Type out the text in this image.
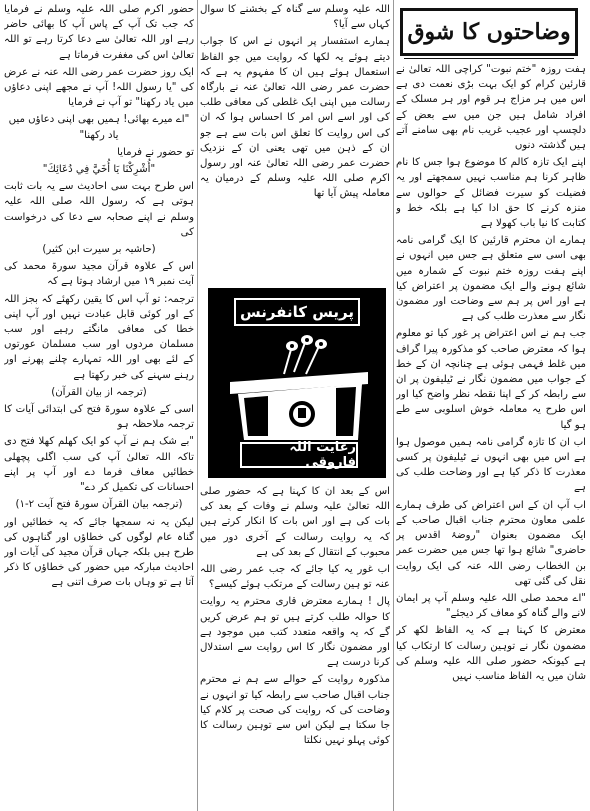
وضاحتوں کا شوق

ہفت روزہ "ختم نبوت" کراچی اللہ تعالیٰ نے قارئین کرام کو ایک بہت بڑی نعمت دی ہے اس میں ہر مزاج ہر قوم اور ہر مسلک کے افراد شامل ہیں جن میں سے بعض کے دلچسپ اور عجیب غریب نام بھی سامنے آتے ہیں گذشتہ دنوں

اپنے ایک تازہ کالم کا موضوع ہوا جس کا نام ظاہر کرنا ہم مناسب نہیں سمجھتے اور یہ فضیلت کو سیرت فضائل کے حوالوں سے منزہ کرنے کا حق ادا کیا ہے بلکہ خط و کتابت کا نیا باب کھولا ہے

ہمارے ان محترم قارئین کا ایک گرامی نامہ بھی اسی سے متعلق ہے جس میں انہوں نے اپنے ہفت روزہ ختم نبوت کے شمارہ میں شائع ہونے والے ایک مضمون پر اعتراض کیا ہے اور اس پر ہم سے وضاحت اور مضمون نگار سے معذرت طلب کی ہے

جب ہم نے اس اعتراض پر غور کیا تو معلوم ہوا کہ معترض صاحب کو مذکورہ پیرا گراف میں غلط فہمی ہوئی ہے چنانچہ ان کے خط کے جواب میں مضمون نگار نے ٹیلیفون پر ان سے رابطہ کر کے اپنا نقطہ نظر واضح کیا اور اس طرح یہ معاملہ خوش اسلوبی سے طے ہو گیا

اب ان کا تازہ گرامی نامہ ہمیں موصول ہوا ہے اس میں بھی انہوں نے ٹیلیفون پر کسی معذرت کا ذکر کیا ہے اور وضاحت طلب کی ہے

اب آپ ان کے اس اعتراض کی طرف ہمارے علمی معاون محترم جناب اقبال صاحب کے ایک مضمون بعنوان "روضۂ اقدس پر حاضری" شائع ہوا تھا جس میں حضرت عمر بن الخطاب رضی اللہ عنہ کی ایک روایت نقل کی گئی تھی

"اے محمد صلی اللہ علیہ وسلم آپ پر ایمان لانے والے گناہ کو معاف کر دیجئے"

معترض کا کہنا ہے کہ یہ الفاظ لکھ کر مضمون نگار نے توہین رسالت کا ارتکاب کیا ہے کیونکہ حضور صلی اللہ علیہ وسلم کی شان میں یہ الفاظ مناسب نہیں

اللہ علیہ وسلم سے گناہ کے بخشنے کا سوال کہاں سے آیا؟

ہمارے استفسار پر انہوں نے اس کا جواب دیتے ہوئے یہ لکھا کہ روایت میں جو الفاظ استعمال ہوئے ہیں ان کا مفہوم یہ ہے کہ حضرت عمر رضی اللہ تعالیٰ عنہ نے بارگاہ رسالت میں اپنی ایک غلطی کی معافی طلب کی اور اسے اس امر کا احساس ہوا کہ ان کی اس روایت کا تعلق اس بات سے ہے جو ان کے ذہن میں تھی یعنی ان کے نزدیک حضرت عمر رضی اللہ تعالیٰ عنہ اور رسول اکرم صلی اللہ علیہ وسلم کے درمیان یہ معاملہ پیش آیا تھا

پریس کانفرنس
رعایت اللہ فاروقی

اس کے بعد ان کا کہنا ہے کہ حضور صلی اللہ تعالیٰ علیہ وسلم نے وفات کے بعد کی بات کی ہے اور اس بات کا انکار کرتے ہیں کہ یہ روایت رسالت کے آخری دور میں محبوب کے انتقال کے بعد کی ہے

اب غور یہ کیا جائے کہ جب عمر رضی اللہ عنہ تو ہین رسالت کے مرتکب ہوئے کیسے؟

پال ! ہمارے معترض قاری محترم یہ روایت کا حوالہ طلب کرتے ہیں تو ہم عرض کریں گے کہ یہ واقعہ متعدد کتب میں موجود ہے اور مضمون نگار کا اس روایت سے استدلال کرنا درست ہے

مذکورہ روایت کے حوالے سے ہم نے محترم جناب اقبال صاحب سے رابطہ کیا تو انہوں نے وضاحت کی کہ روایت کی صحت پر کلام کیا جا سکتا ہے لیکن اس سے توہین رسالت کا کوئی پہلو نہیں نکلتا

حضور اکرم صلی اللہ علیہ وسلم نے فرمایا کہ جب تک آپ کے پاس آپ کا بھائی حاضر رہے اور اللہ تعالیٰ سے دعا کرتا رہے تو اللہ تعالیٰ اس کی مغفرت فرماتا ہے

ایک روز حضرت عمر رضی اللہ عنہ نے عرض کی "یا رسول اللہ! آپ نے مجھے اپنی دعاؤں میں یاد رکھنا" تو آپ نے فرمایا

"اے میرے بھائی! ہمیں بھی اپنی دعاؤں میں یاد رکھنا"

تو حضور نے فرمایا

"أُشْرِكْنَا يَا أُخَيَّ فِي دُعَائِكَ"

اس طرح بہت سی احادیث سے یہ بات ثابت ہوتی ہے کہ رسول اللہ صلی اللہ علیہ وسلم نے اپنے صحابہ سے دعا کی درخواست کی

(حاشیہ بر سیرت ابن کثیر)

اس کے علاوہ قرآن مجید سورۃ محمد کی آیت نمبر ۱۹ میں ارشاد ہوتا ہے کہ

ترجمہ: تو آپ اس کا یقین رکھئے کہ بجز اللہ کے اور کوئی قابل عبادت نہیں اور آپ اپنی خطا کی معافی مانگتے رہیے اور سب مسلمان مردوں اور سب مسلمان عورتوں کے لئے بھی اور اللہ تمہارے چلنے پھرنے اور رہنے سہنے کی خبر رکھتا ہے

(ترجمہ از بیان القرآن)

اسی کے علاوہ سورۃ فتح کی ابتدائی آیات کا ترجمہ ملاحظہ ہو

"بے شک ہم نے آپ کو ایک کھلم کھلا فتح دی تاکہ اللہ تعالیٰ آپ کی سب اگلی پچھلی خطائیں معاف فرما دے اور آپ پر اپنے احسانات کی تکمیل کر دے"

(ترجمہ بیان القرآن سورۃ فتح آیت ۲-۱)

لیکن یہ نہ سمجھا جائے کہ یہ خطائیں اور گناہ عام لوگوں کی خطاؤں اور گناہوں کی طرح ہیں بلکہ جہاں قرآن مجید کی آیات اور احادیث مبارکہ میں حضور کی خطاؤں کا ذکر آتا ہے تو وہاں بات صرف اتنی ہے
